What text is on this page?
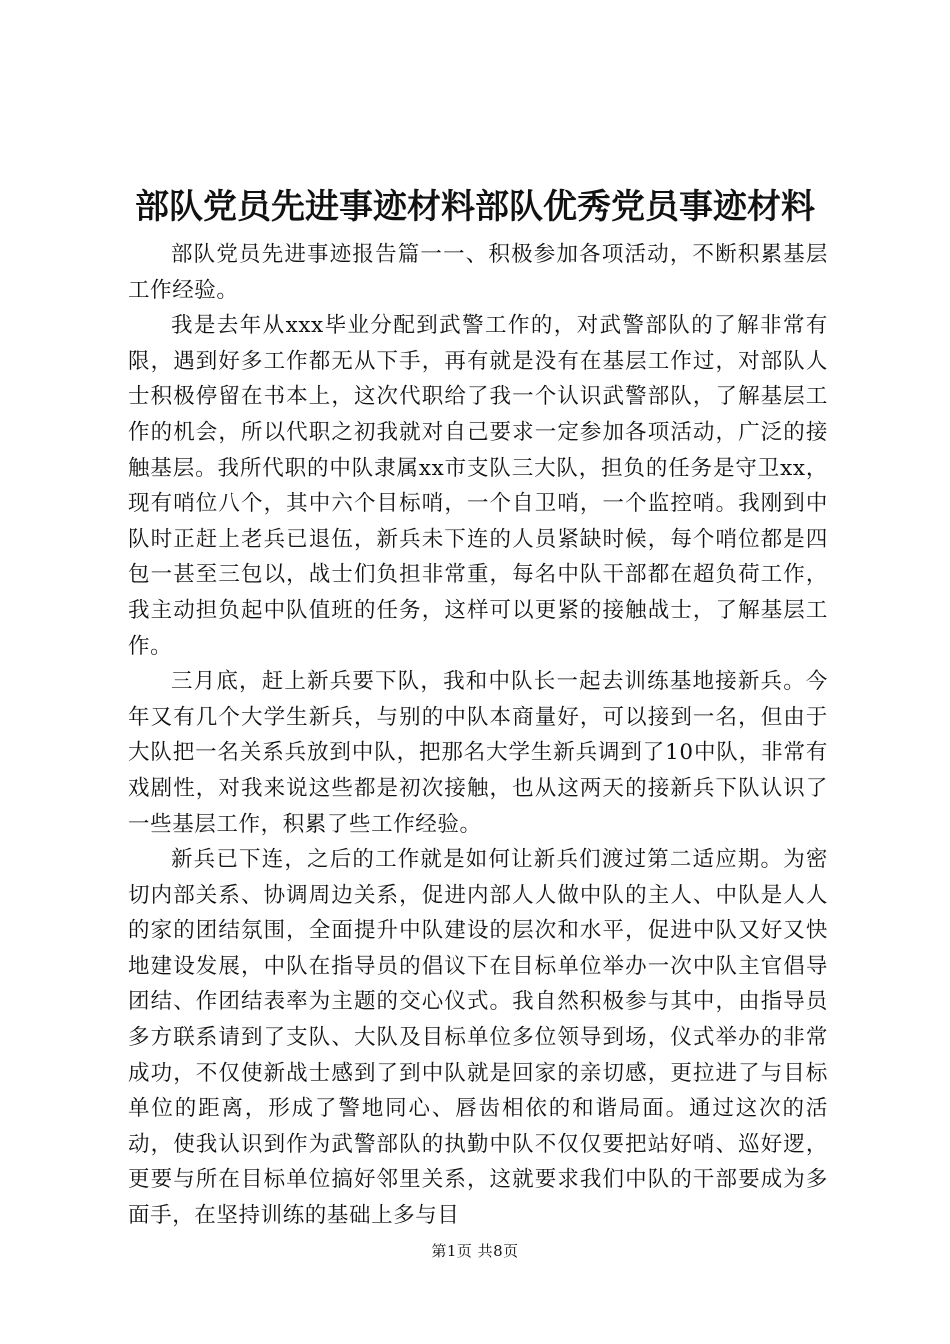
部队党员先进事迹材料部队优秀党员事迹材料

部队党员先进事迹报告篇一一、积极参加各项活动，不断积累基层工作经验。

我是去年从xxx毕业分配到武警工作的，对武警部队的了解非常有限，遇到好多工作都无从下手，再有就是没有在基层工作过，对部队人士积极停留在书本上，这次代职给了我一个认识武警部队，了解基层工作的机会，所以代职之初我就对自己要求一定参加各项活动，广泛的接触基层。我所代职的中队隶属xx市支队三大队，担负的任务是守卫xx，现有哨位八个，其中六个目标哨，一个自卫哨，一个监控哨。我刚到中队时正赶上老兵已退伍，新兵未下连的人员紧缺时候，每个哨位都是四包一甚至三包以，战士们负担非常重，每名中队干部都在超负荷工作，我主动担负起中队值班的任务，这样可以更紧的接触战士，了解基层工作。

三月底，赶上新兵要下队，我和中队长一起去训练基地接新兵。今年又有几个大学生新兵，与别的中队本商量好，可以接到一名，但由于大队把一名关系兵放到中队，把那名大学生新兵调到了10中队，非常有戏剧性，对我来说这些都是初次接触，也从这两天的接新兵下队认识了一些基层工作，积累了些工作经验。

新兵已下连，之后的工作就是如何让新兵们渡过第二适应期。为密切内部关系、协调周边关系，促进内部人人做中队的主人、中队是人人的家的团结氛围，全面提升中队建设的层次和水平，促进中队又好又快地建设发展，中队在指导员的倡议下在目标单位举办一次中队主官倡导团结、作团结表率为主题的交心仪式。我自然积极参与其中，由指导员多方联系请到了支队、大队及目标单位多位领导到场，仪式举办的非常成功，不仅使新战士感到了到中队就是回家的亲切感，更拉进了与目标单位的距离，形成了警地同心、唇齿相依的和谐局面。通过这次的活动，使我认识到作为武警部队的执勤中队不仅仅要把站好哨、巡好逻，更要与所在目标单位搞好邻里关系，这就要求我们中队的干部要成为多面手，在坚持训练的基础上多与目

第1页 共8页
